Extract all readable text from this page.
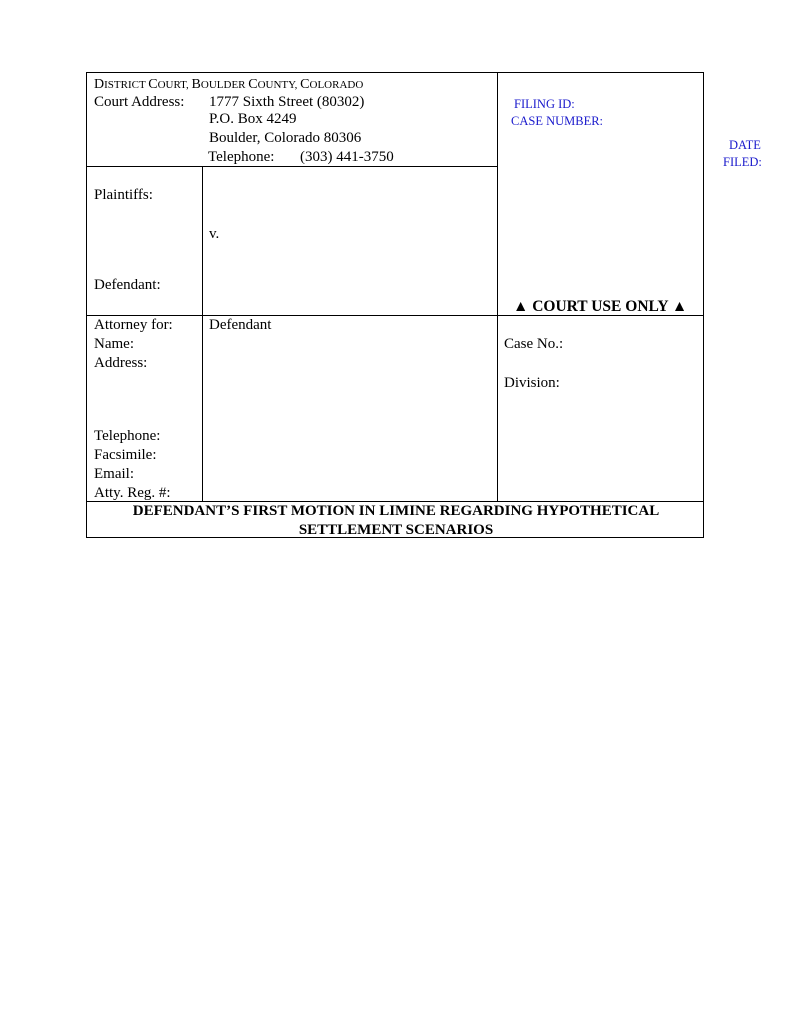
FILING ID:
CASE NUMBER:
DATE
FILED:
DISTRICT COURT, BOULDER COUNTY, COLORADO
Court Address: 1777 Sixth Street (80302)
P.O. Box 4249
Boulder, Colorado 80306
Telephone: (303) 441-3750
Plaintiffs:
v.
Defendant:
▲ COURT USE ONLY ▲
Attorney for: Defendant
Name:
Address:
Telephone:
Facsimile:
Email:
Atty. Reg. #:
Case No.:
Division:
DEFENDANT’S FIRST MOTION IN LIMINE REGARDING HYPOTHETICAL
SETTLEMENT SCENARIOS
